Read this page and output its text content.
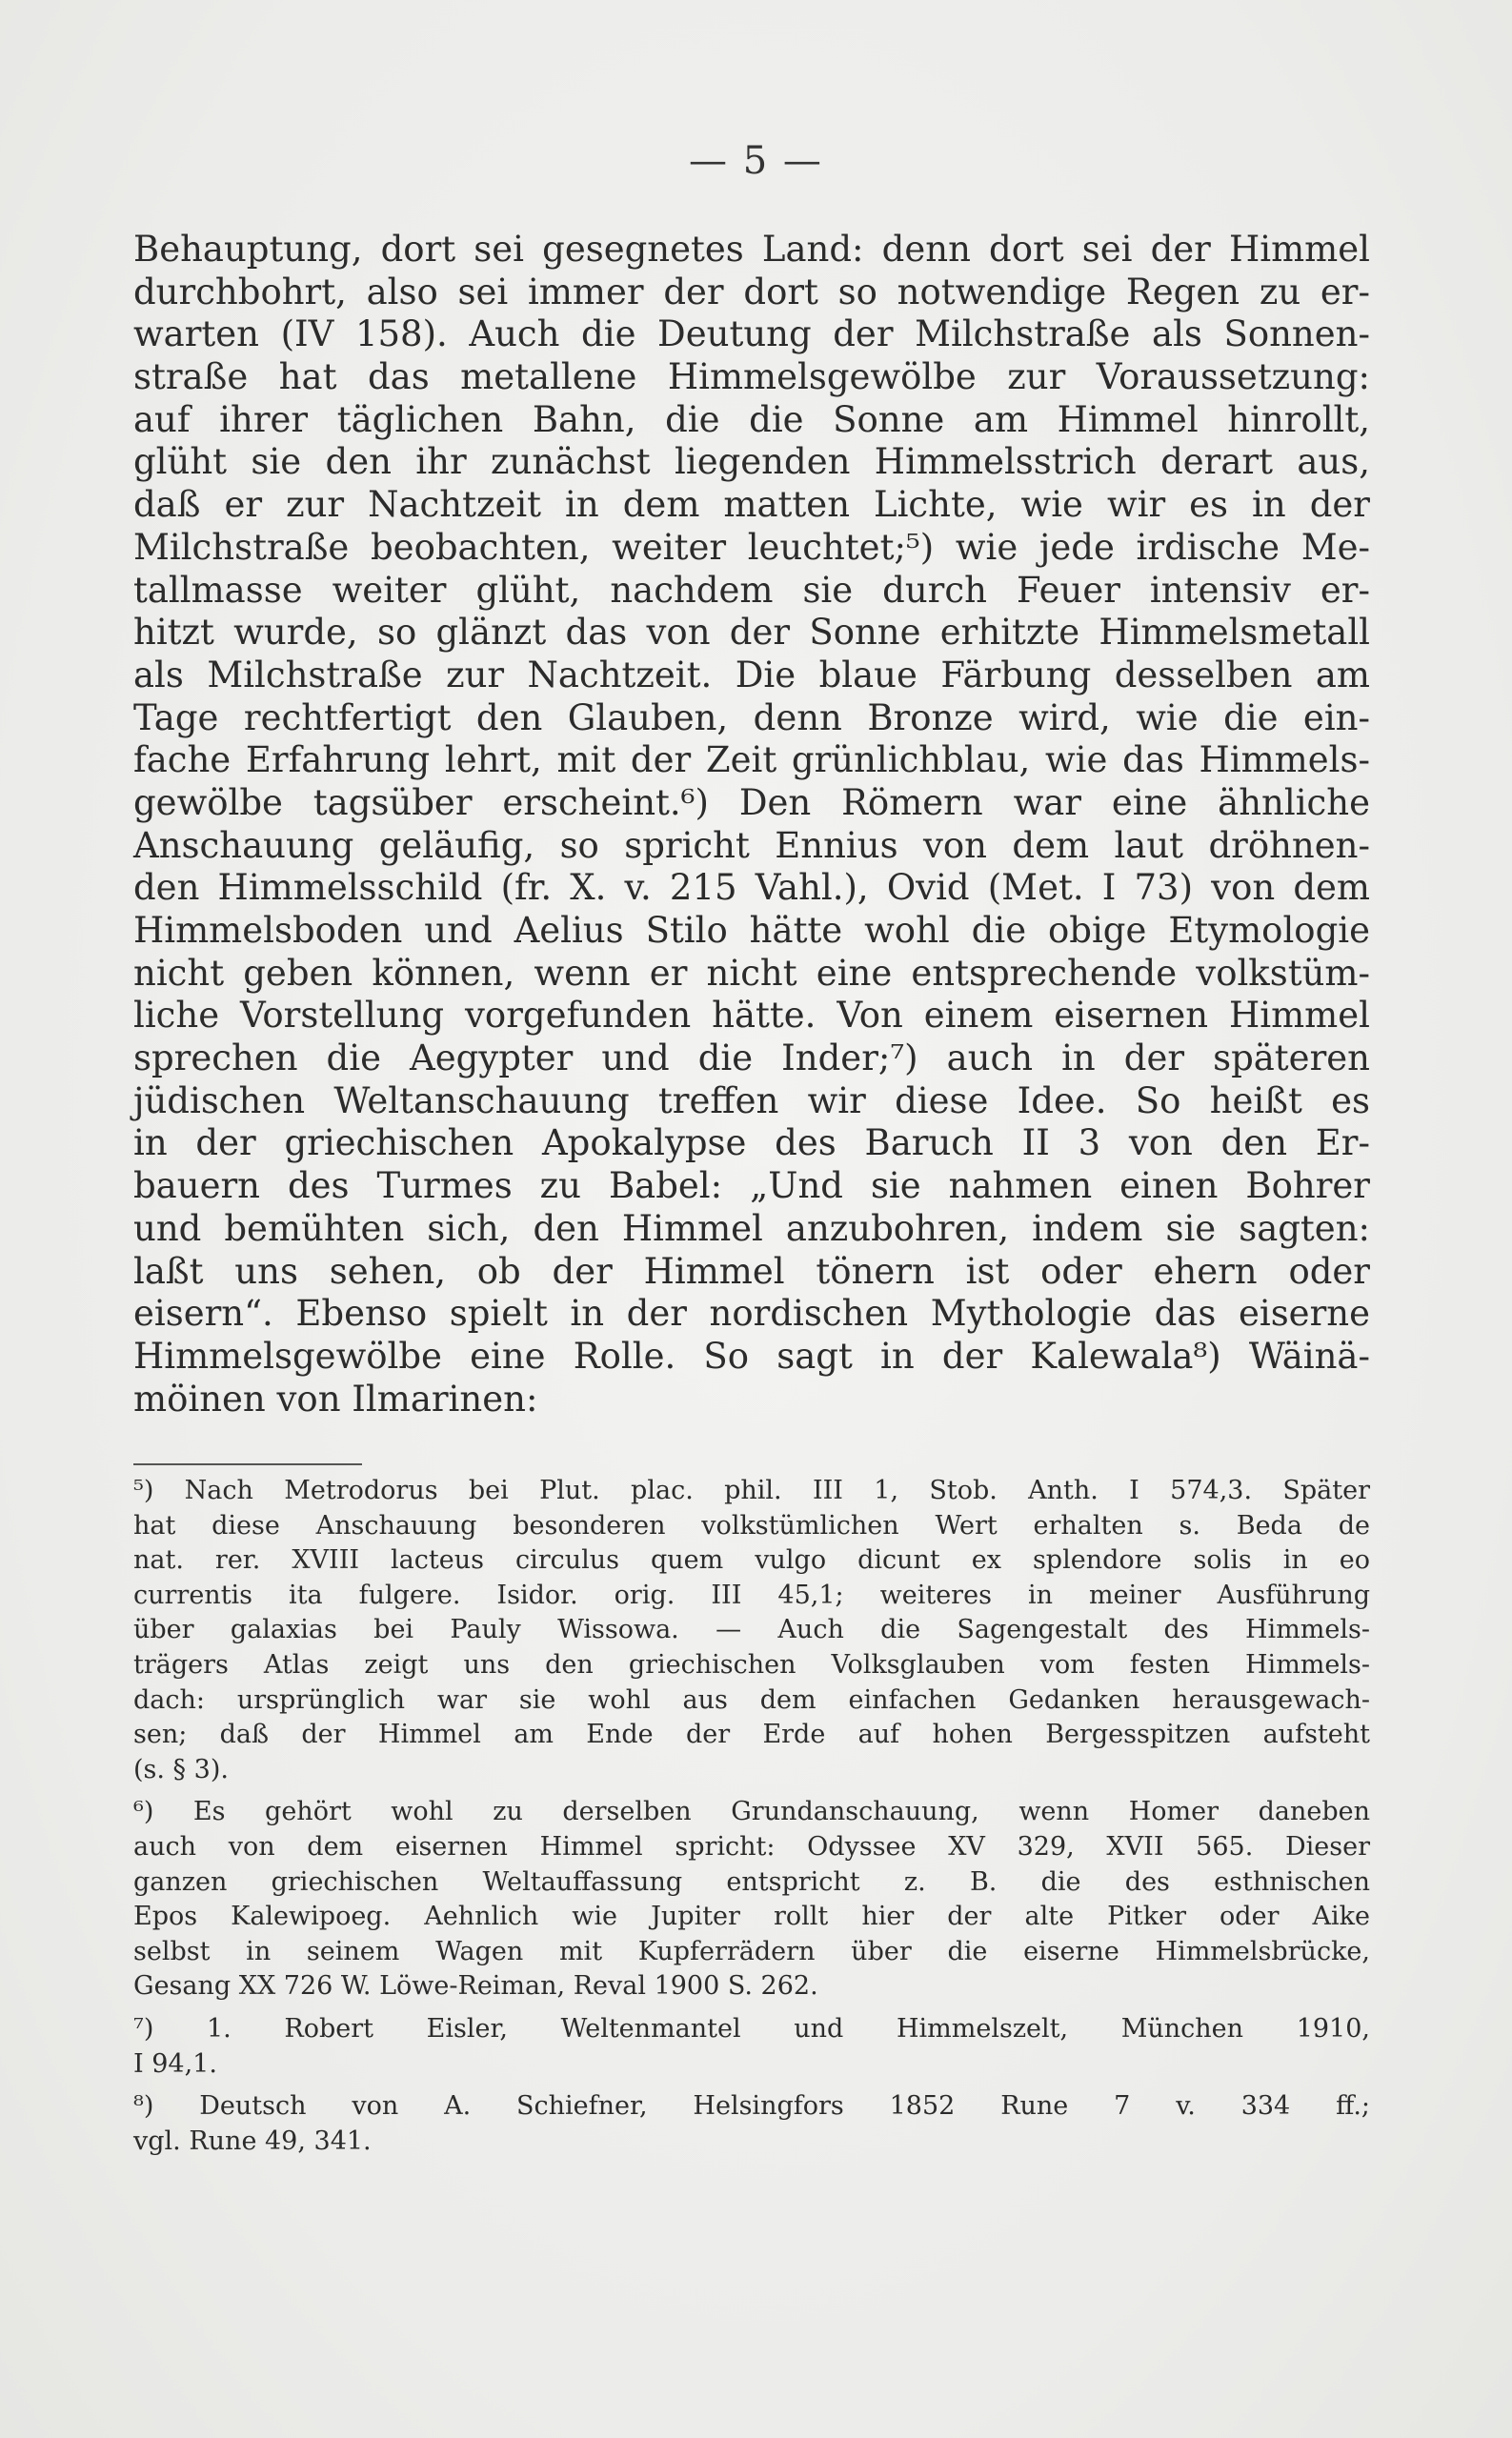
— 5 —
Behauptung, dort sei gesegnetes Land: denn dort sei der Himmel
durchbohrt, also sei immer der dort so notwendige Regen zu er-
warten (IV 158). Auch die Deutung der Milchstraße als Sonnen-
straße hat das metallene Himmelsgewölbe zur Voraussetzung:
auf ihrer täglichen Bahn, die die Sonne am Himmel hinrollt,
glüht sie den ihr zunächst liegenden Himmelsstrich derart aus,
daß er zur Nachtzeit in dem matten Lichte, wie wir es in der
Milchstraße beobachten, weiter leuchtet;⁵) wie jede irdische Me-
tallmasse weiter glüht, nachdem sie durch Feuer intensiv er-
hitzt wurde, so glänzt das von der Sonne erhitzte Himmelsmetall
als Milchstraße zur Nachtzeit. Die blaue Färbung desselben am
Tage rechtfertigt den Glauben, denn Bronze wird, wie die ein-
fache Erfahrung lehrt, mit der Zeit grünlichblau, wie das Himmels-
gewölbe tagsüber erscheint.⁶) Den Römern war eine ähnliche
Anschauung geläufig, so spricht Ennius von dem laut dröhnen-
den Himmelsschild (fr. X. v. 215 Vahl.), Ovid (Met. I 73) von dem
Himmelsboden und Aelius Stilo hätte wohl die obige Etymologie
nicht geben können, wenn er nicht eine entsprechende volkstüm-
liche Vorstellung vorgefunden hätte. Von einem eisernen Himmel
sprechen die Aegypter und die Inder;⁷) auch in der späteren
jüdischen Weltanschauung treffen wir diese Idee. So heißt es
in der griechischen Apokalypse des Baruch II 3 von den Er-
bauern des Turmes zu Babel: „Und sie nahmen einen Bohrer
und bemühten sich, den Himmel anzubohren, indem sie sagten:
laßt uns sehen, ob der Himmel tönern ist oder ehern oder
eisern“. Ebenso spielt in der nordischen Mythologie das eiserne
Himmelsgewölbe eine Rolle. So sagt in der Kalewala⁸) Wäinä-
möinen von Ilmarinen:
⁵) Nach Metrodorus bei Plut. plac. phil. III 1, Stob. Anth. I 574,3. Später
hat diese Anschauung besonderen volkstümlichen Wert erhalten s. Beda de
nat. rer. XVIII lacteus circulus quem vulgo dicunt ex splendore solis in eo
currentis ita fulgere. Isidor. orig. III 45,1; weiteres in meiner Ausführung
über galaxias bei Pauly Wissowa. — Auch die Sagengestalt des Himmels-
trägers Atlas zeigt uns den griechischen Volksglauben vom festen Himmels-
dach: ursprünglich war sie wohl aus dem einfachen Gedanken herausgewach-
sen; daß der Himmel am Ende der Erde auf hohen Bergesspitzen aufsteht
(s. § 3).
⁶) Es gehört wohl zu derselben Grundanschauung, wenn Homer daneben
auch von dem eisernen Himmel spricht: Odyssee XV 329, XVII 565. Dieser
ganzen griechischen Weltauffassung entspricht z. B. die des esthnischen
Epos Kalewipoeg. Aehnlich wie Jupiter rollt hier der alte Pitker oder Aike
selbst in seinem Wagen mit Kupferrädern über die eiserne Himmelsbrücke,
Gesang XX 726 W. Löwe-Reiman, Reval 1900 S. 262.
⁷) 1. Robert Eisler, Weltenmantel und Himmelszelt, München 1910,
I 94,1.
⁸) Deutsch von A. Schiefner, Helsingfors 1852 Rune 7 v. 334 ff.;
vgl. Rune 49, 341.
